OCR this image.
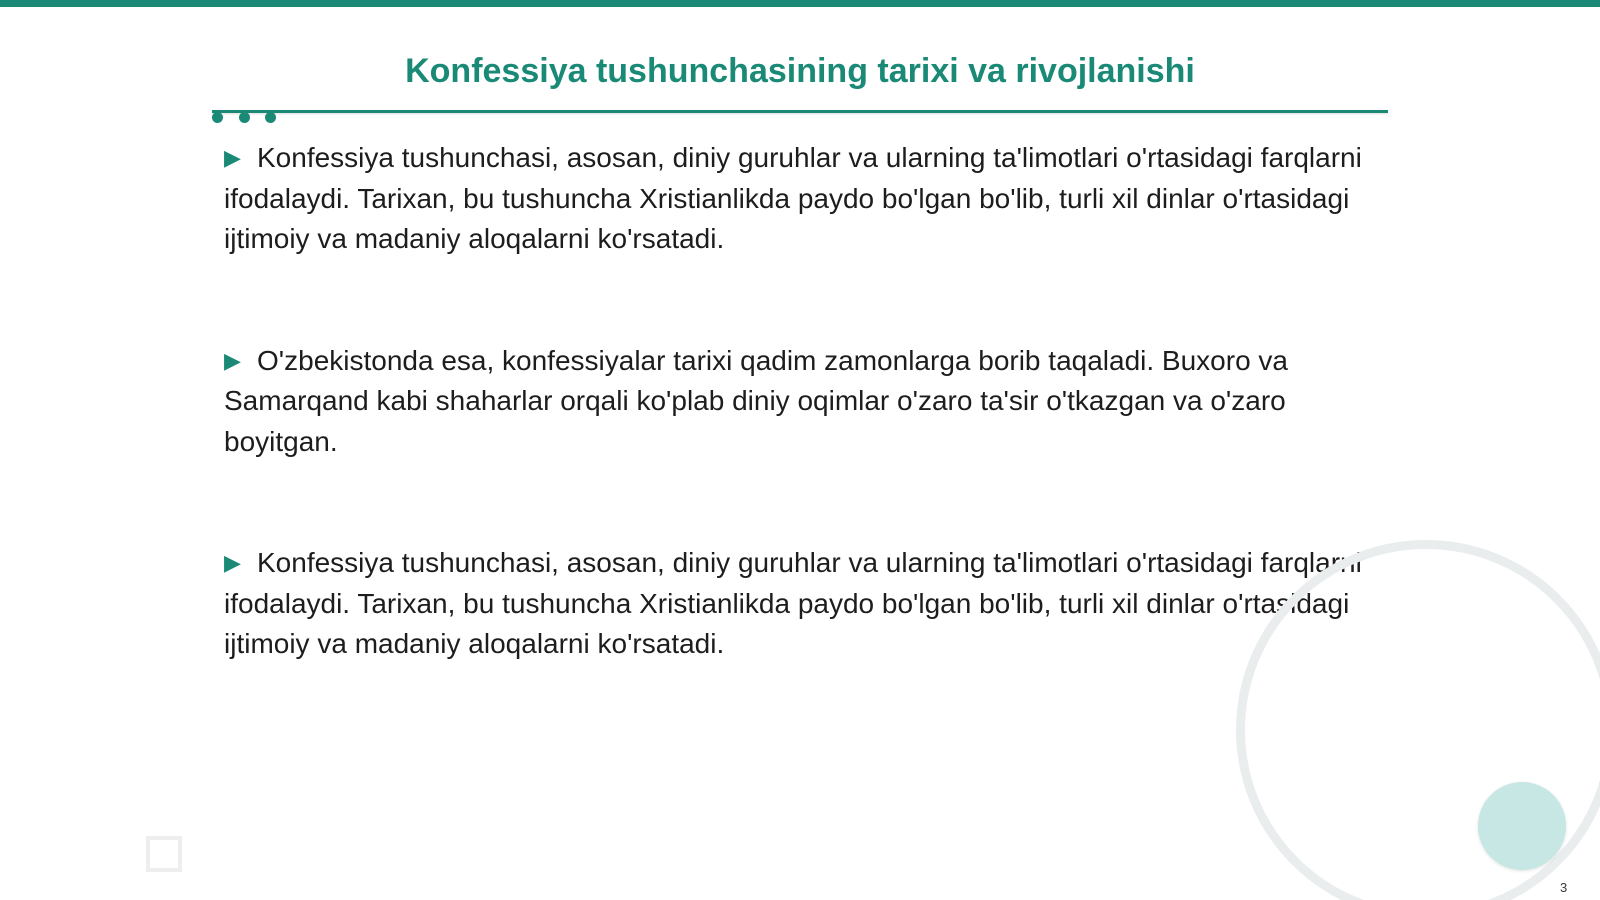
Konfessiya tushunchasining tarixi va rivojlanishi

▶ Konfessiya tushunchasi, asosan, diniy guruhlar va ularning ta'limotlari o'rtasidagi farqlarni ifodalaydi. Tarixan, bu tushuncha Xristianlikda paydo bo'lgan bo'lib, turli xil dinlar o'rtasidagi ijtimoiy va madaniy aloqalarni ko'rsatadi.

▶ O'zbekistonda esa, konfessiyalar tarixi qadim zamonlarga borib taqaladi. Buxoro va Samarqand kabi shaharlar orqali ko'plab diniy oqimlar o'zaro ta'sir o'tkazgan va o'zaro boyitgan.

▶ Konfessiya tushunchasi, asosan, diniy guruhlar va ularning ta'limotlari o'rtasidagi farqlarni ifodalaydi. Tarixan, bu tushuncha Xristianlikda paydo bo'lgan bo'lib, turli xil dinlar o'rtasidagi ijtimoiy va madaniy aloqalarni ko'rsatadi.

3
